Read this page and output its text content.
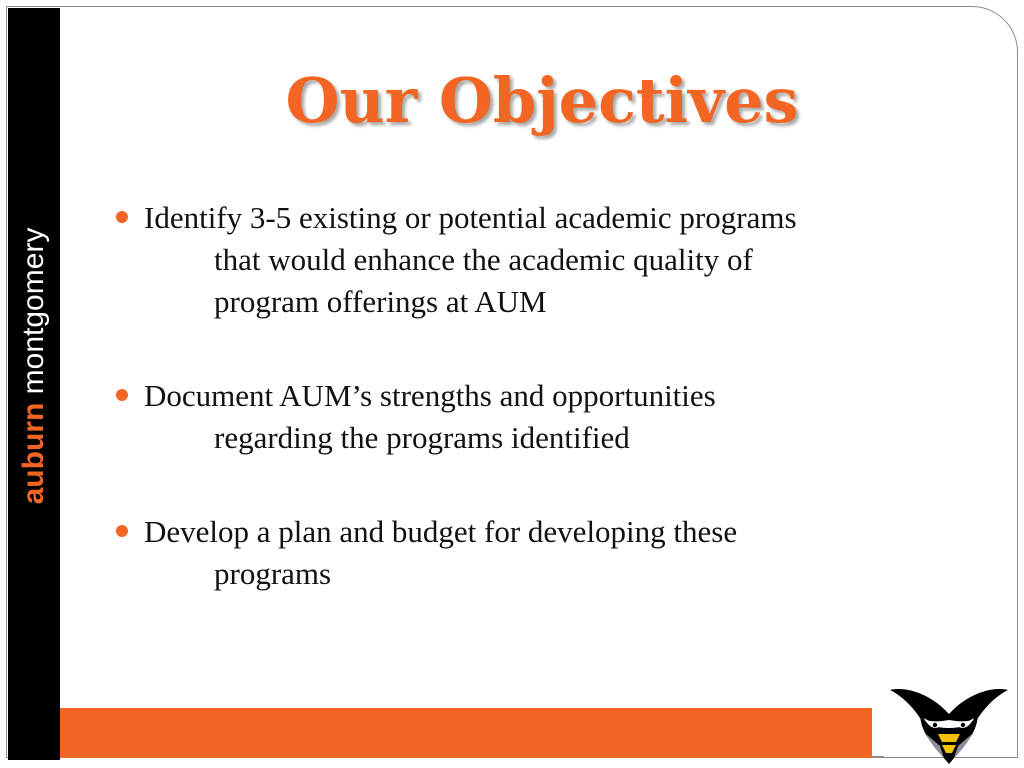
auburn montgomery
Our Objectives
Identify 3-5 existing or potential academic programs
that would enhance the academic quality of
program offerings at AUM
Document AUM’s strengths and opportunities
regarding the programs identified
Develop a plan and budget for developing these
programs
